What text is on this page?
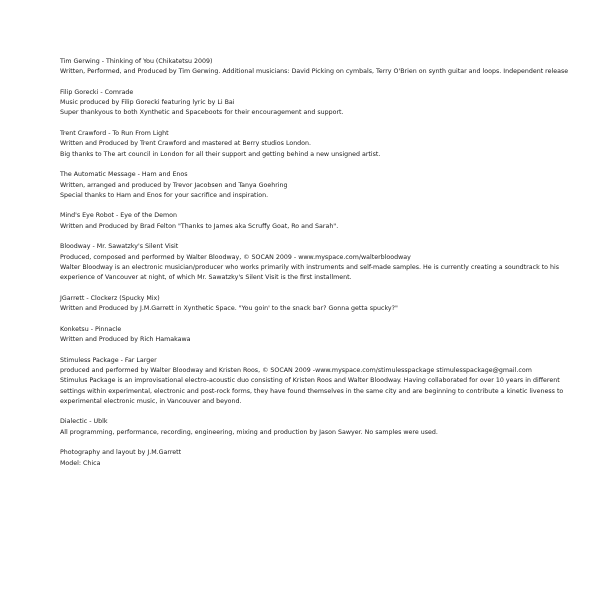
Tim Gerwing - Thinking of You (Chikatetsu 2009)
Written, Performed, and Produced by Tim Gerwing. Additional musicians: David Picking on cymbals, Terry O'Brien on synth guitar and loops. Independent release
Filip Gorecki - Comrade
Music produced by Filip Gorecki featuring lyric by Li Bai
Super thankyous to both Xynthetic and Spaceboots for their encouragement and support.
Trent Crawford - To Run From Light
Written and Produced by Trent Crawford and mastered at Berry studios London.
Big thanks to The art council in London for all their support and getting behind a new unsigned artist.
The Automatic Message - Ham and Enos
Written, arranged and produced by Trevor Jacobsen and Tanya Goehring
Special thanks to Ham and Enos for your sacrifice and inspiration.
Mind's Eye Robot - Eye of the Demon
Written and Produced by Brad Felton "Thanks to James aka Scruffy Goat, Ro and Sarah".
Bloodway - Mr. Sawatzky's Silent Visit
Produced, composed and performed by Walter Bloodway, © SOCAN 2009 - www.myspace.com/walterbloodway
Walter Bloodway is an electronic musician/producer who works primarily with instruments and self-made samples. He is currently creating a soundtrack to his
experience of Vancouver at night, of which Mr. Sawatzky's Silent Visit is the first installment.
JGarrett - Clockerz (Spucky Mix)
Written and Produced by J.M.Garrett in Xynthetic Space. "You goin' to the snack bar? Gonna getta spucky?"
Konketsu - Pinnacle
Written and Produced by Rich Hamakawa
Stimuless Package - Far Larger
produced and performed by Walter Bloodway and Kristen Roos, © SOCAN 2009 -www.myspace.com/stimulesspackage stimulesspackage@gmail.com
Stimulus Package is an improvisational electro-acoustic duo consisting of Kristen Roos and Walter Bloodway. Having collaborated for over 10 years in different
settings within experimental, electronic and post-rock forms, they have found themselves in the same city and are beginning to contribute a kinetic liveness to
experimental electronic music, in Vancouver and beyond.
Dialectic - Ublk
All programming, performance, recording, engineering, mixing and production by Jason Sawyer. No samples were used.
Photography and layout by J.M.Garrett
Model: Chica
